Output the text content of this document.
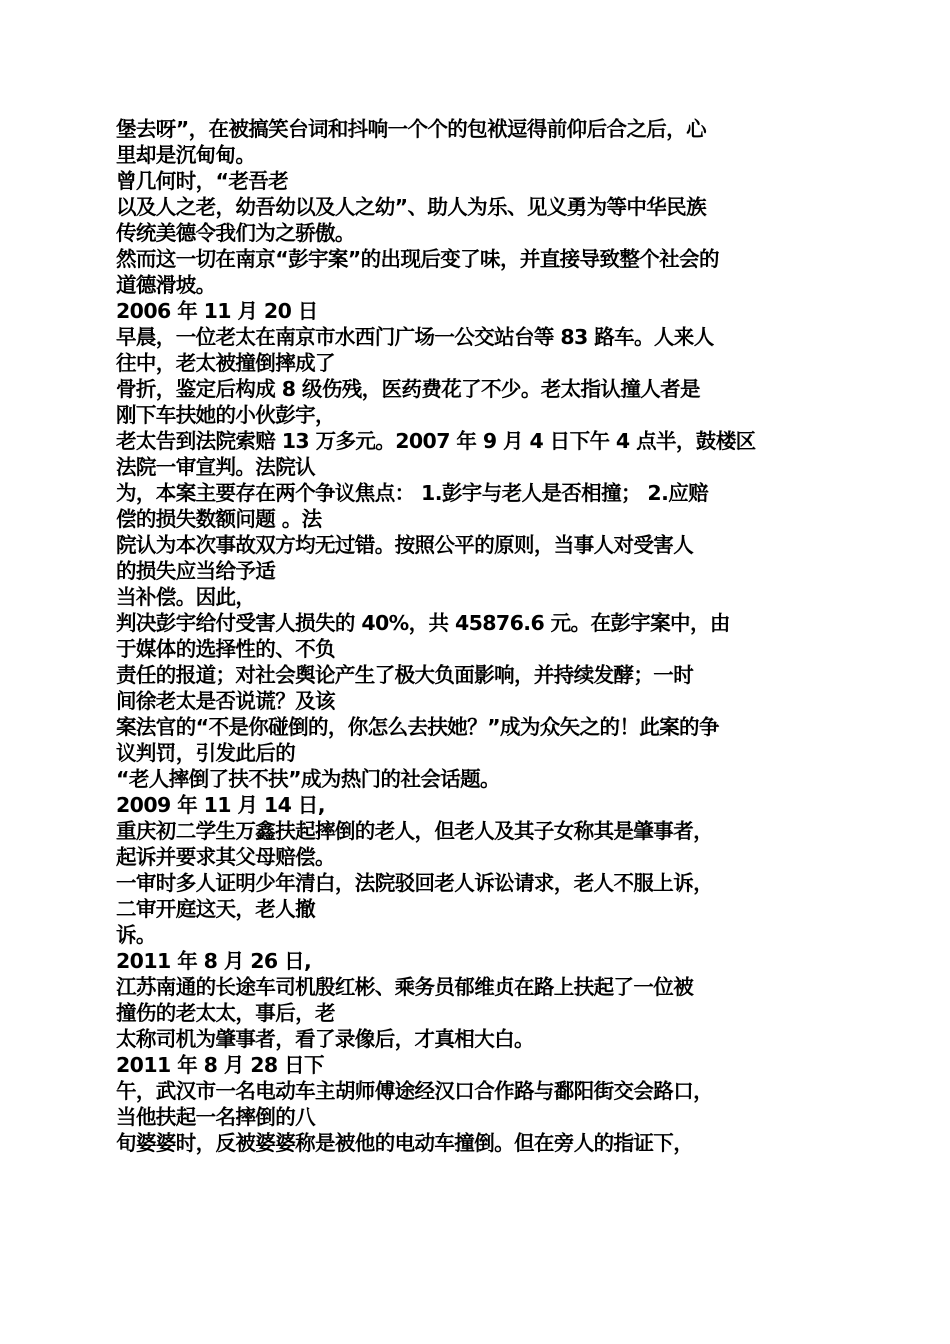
堡去呀”，在被搞笑台词和抖响一个个的包袱逗得前仰后合之后，心
里却是沉甸甸。
曾几何时，“老吾老
以及人之老，幼吾幼以及人之幼”、助人为乐、见义勇为等中华民族
传统美德令我们为之骄傲。
然而这一切在南京“彭宇案”的出现后变了味，并直接导致整个社会的
道德滑坡。
2006 年 11 月 20 日
早晨，一位老太在南京市水西门广场一公交站台等 83 路车。人来人
往中，老太被撞倒摔成了
骨折，鉴定后构成 8 级伤残，医药费花了不少。老太指认撞人者是
刚下车扶她的小伙彭宇，
老太告到法院索赔 13 万多元。2007 年 9 月 4 日下午 4 点半，鼓楼区
法院一审宣判。法院认
为，本案主要存在两个争议焦点： 1.彭宇与老人是否相撞； 2.应赔
偿的损失数额问题 。法
院认为本次事故双方均无过错。按照公平的原则，当事人对受害人
的损失应当给予适
当补偿。因此，
判决彭宇给付受害人损失的 40%，共 45876.6 元。在彭宇案中，由
于媒体的选择性的、不负
责任的报道；对社会舆论产生了极大负面影响，并持续发酵；一时
间徐老太是否说谎？及该
案法官的“不是你碰倒的，你怎么去扶她？”成为众矢之的！此案的争
议判罚，引发此后的
“老人摔倒了扶不扶”成为热门的社会话题。
2009 年 11 月 14 日,
重庆初二学生万鑫扶起摔倒的老人，但老人及其子女称其是肇事者，
起诉并要求其父母赔偿。
一审时多人证明少年清白，法院驳回老人诉讼请求，老人不服上诉，
二审开庭这天，老人撤
诉。
2011 年 8 月 26 日,
江苏南通的长途车司机殷红彬、乘务员郁维贞在路上扶起了一位被
撞伤的老太太，事后，老
太称司机为肇事者，看了录像后，才真相大白。
2011 年 8 月 28 日下
午，武汉市一名电动车主胡师傅途经汉口合作路与鄱阳街交会路口，
当他扶起一名摔倒的八
旬婆婆时，反被婆婆称是被他的电动车撞倒。但在旁人的指证下，
